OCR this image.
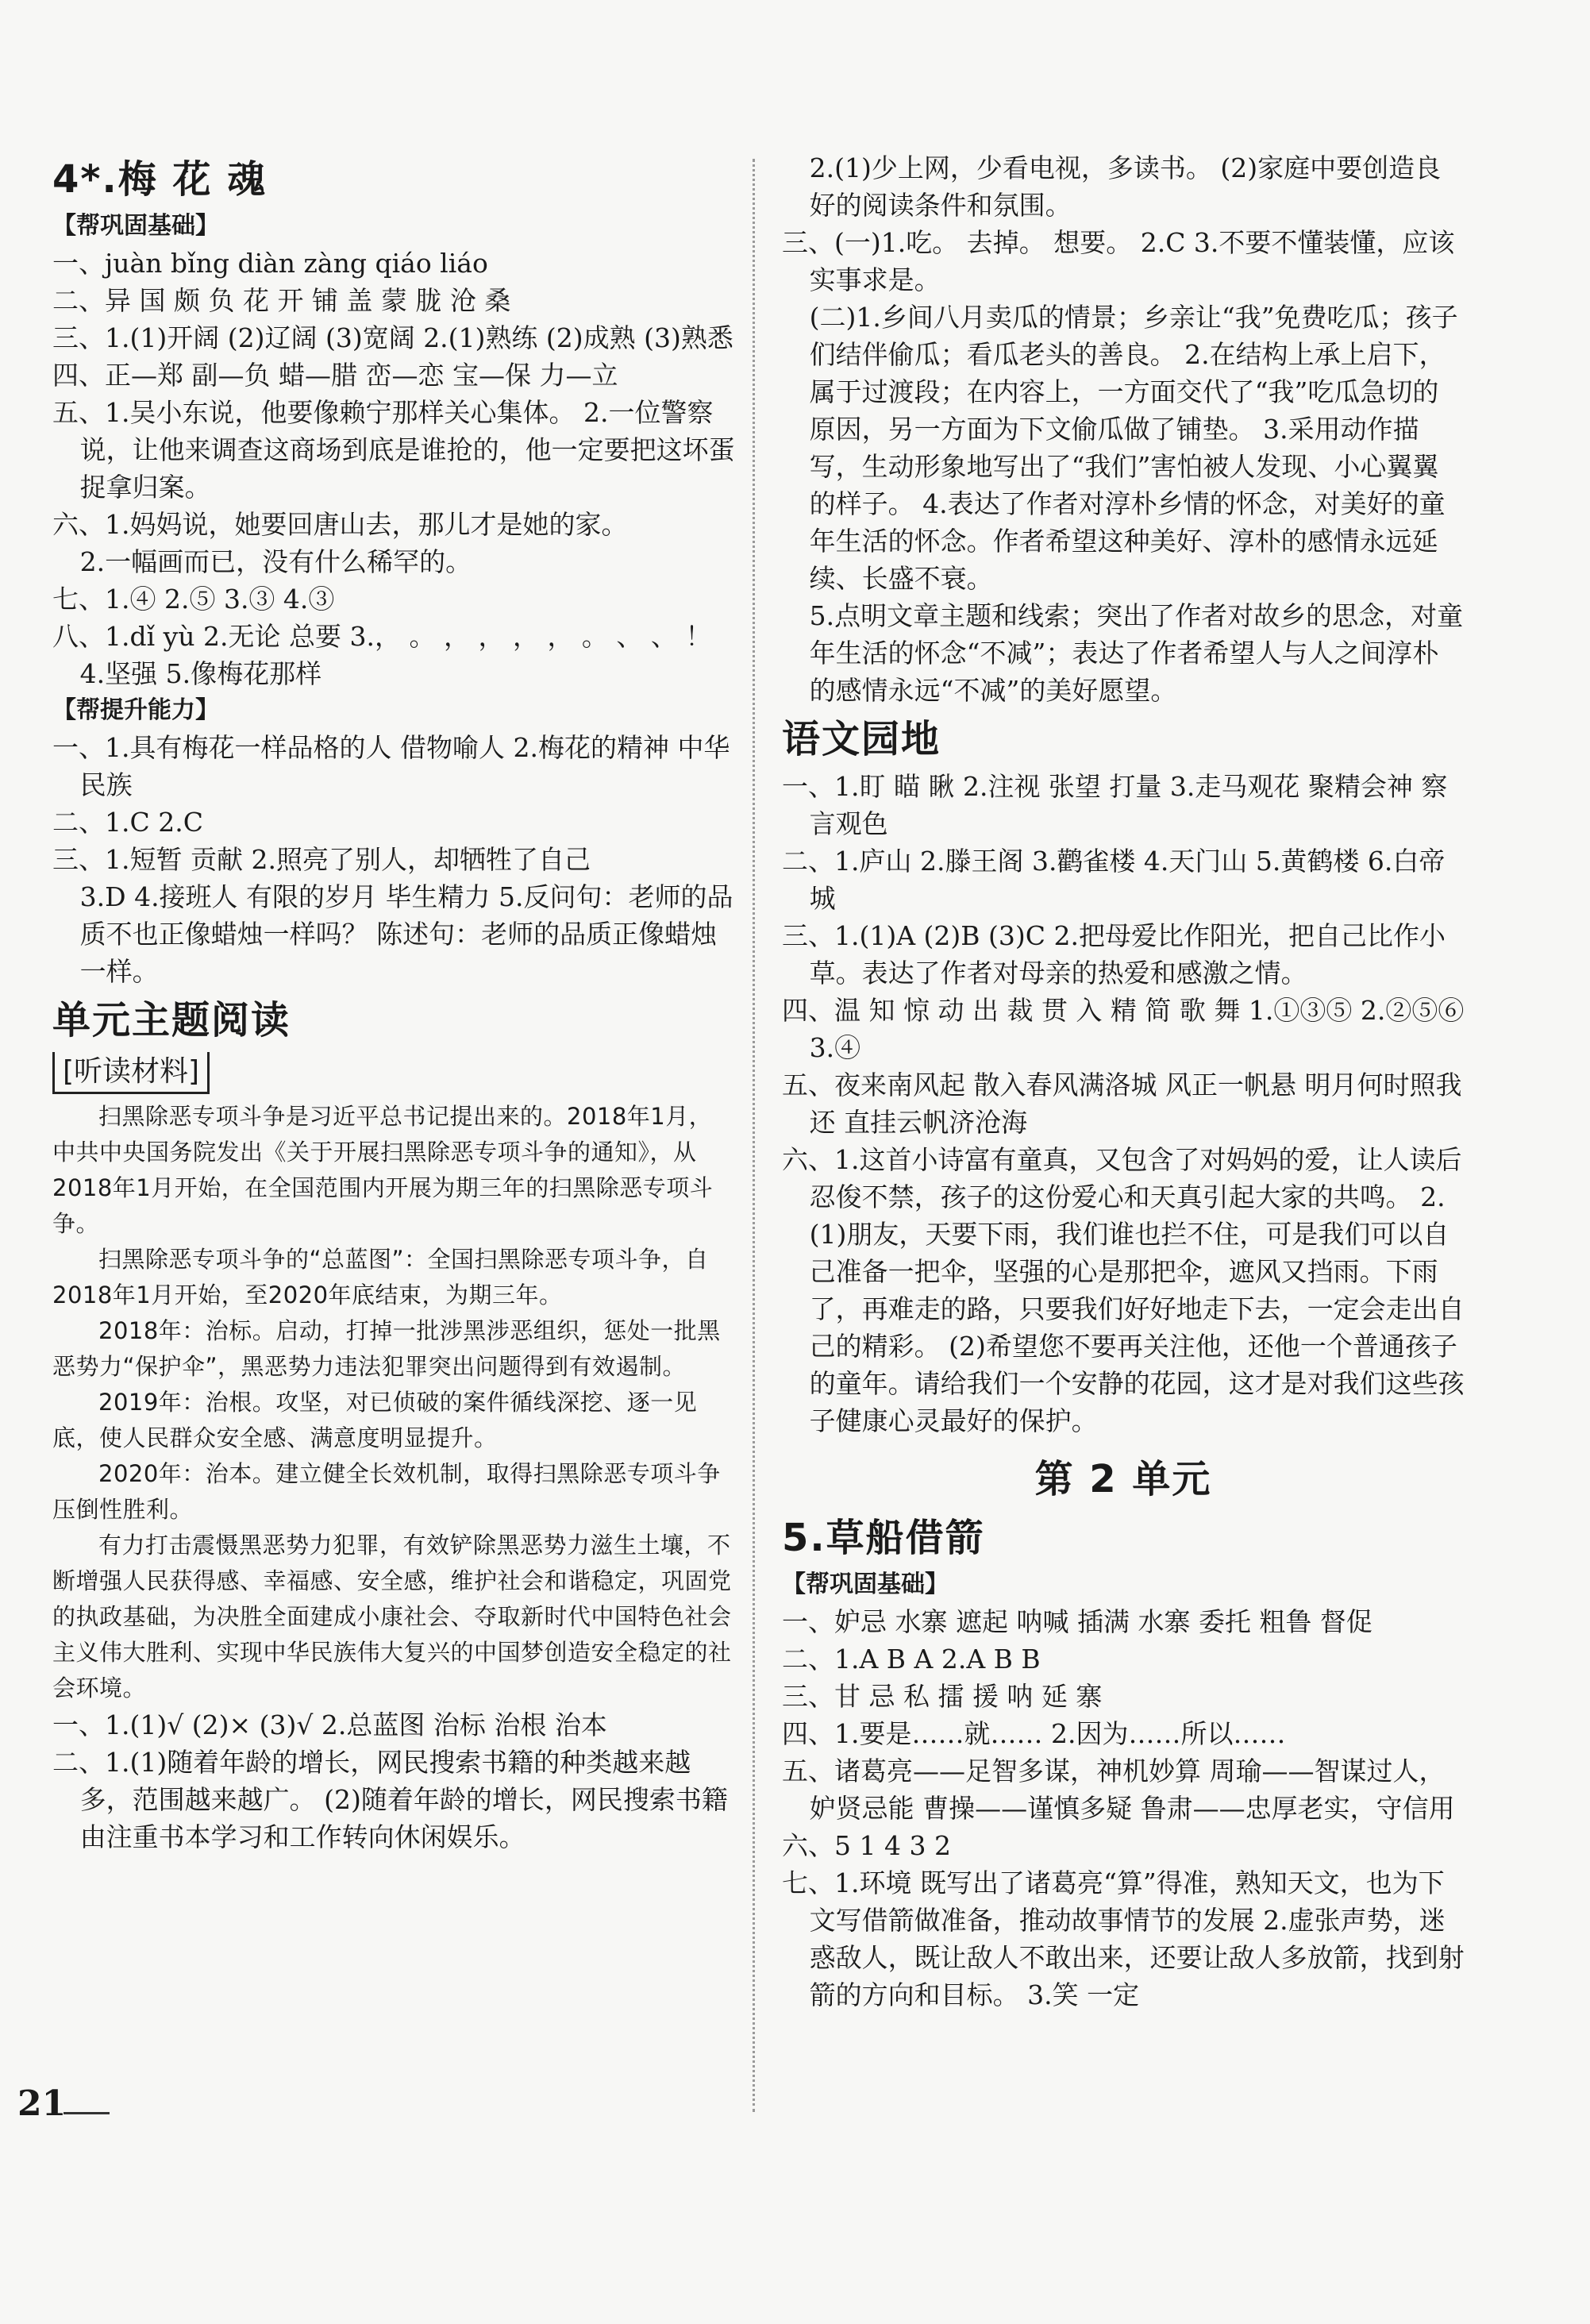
4*.梅 花 魂
【帮巩固基础】

一、juàn bǐng diàn zàng qiáo liáo

二、异 国 颇 负 花 开 铺 盖 蒙 胧 沧 桑

三、1.(1)开阔 (2)辽阔 (3)宽阔 2.(1)熟练 (2)成熟 (3)熟悉

四、正—郑 副—负 蜡—腊 峦—恋 宝—保 力—立

五、1.吴小东说，他要像赖宁那样关心集体。 2.一位警察说，让他来调查这商场到底是谁抢的，他一定要把这坏蛋捉拿归案。

六、1.妈妈说，她要回唐山去，那儿才是她的家。

2.一幅画而已，没有什么稀罕的。

七、1.④ 2.⑤ 3.③ 4.③

八、1.dǐ yù 2.无论 总要 3.， 。 ， ， ， ， 。 、 、 ！ 4.坚强 5.像梅花那样

【帮提升能力】

一、1.具有梅花一样品格的人 借物喻人 2.梅花的精神 中华民族

二、1.C 2.C

三、1.短暂 贡献 2.照亮了别人，却牺牲了自己

3.D 4.接班人 有限的岁月 毕生精力 5.反问句：老师的品质不也正像蜡烛一样吗？ 陈述句：老师的品质正像蜡烛一样。

单元主题阅读
[听读材料]

扫黑除恶专项斗争是习近平总书记提出来的。2018年1月，中共中央国务院发出《关于开展扫黑除恶专项斗争的通知》，从2018年1月开始，在全国范围内开展为期三年的扫黑除恶专项斗争。

扫黑除恶专项斗争的“总蓝图”：全国扫黑除恶专项斗争，自2018年1月开始，至2020年底结束，为期三年。

2018年：治标。启动，打掉一批涉黑涉恶组织，惩处一批黑恶势力“保护伞”，黑恶势力违法犯罪突出问题得到有效遏制。

2019年：治根。攻坚，对已侦破的案件循线深挖、逐一见底，使人民群众安全感、满意度明显提升。

2020年：治本。建立健全长效机制，取得扫黑除恶专项斗争压倒性胜利。

有力打击震慑黑恶势力犯罪，有效铲除黑恶势力滋生土壤，不断增强人民获得感、幸福感、安全感，维护社会和谐稳定，巩固党的执政基础，为决胜全面建成小康社会、夺取新时代中国特色社会主义伟大胜利、实现中华民族伟大复兴的中国梦创造安全稳定的社会环境。

一、1.(1)√ (2)× (3)√ 2.总蓝图 治标 治根 治本

二、1.(1)随着年龄的增长，网民搜索书籍的种类越来越多，范围越来越广。 (2)随着年龄的增长，网民搜索书籍由注重书本学习和工作转向休闲娱乐。

2.(1)少上网，少看电视，多读书。 (2)家庭中要创造良好的阅读条件和氛围。

三、(一)1.吃。 去掉。 想要。 2.C 3.不要不懂装懂，应该实事求是。

(二)1.乡间八月卖瓜的情景；乡亲让“我”免费吃瓜；孩子们结伴偷瓜；看瓜老头的善良。 2.在结构上承上启下，属于过渡段；在内容上，一方面交代了“我”吃瓜急切的原因，另一方面为下文偷瓜做了铺垫。 3.采用动作描写，生动形象地写出了“我们”害怕被人发现、小心翼翼的样子。 4.表达了作者对淳朴乡情的怀念，对美好的童年生活的怀念。作者希望这种美好、淳朴的感情永远延续、长盛不衰。

5.点明文章主题和线索；突出了作者对故乡的思念，对童年生活的怀念“不减”；表达了作者希望人与人之间淳朴的感情永远“不减”的美好愿望。

语文园地

一、1.盯 瞄 瞅 2.注视 张望 打量 3.走马观花 聚精会神 察言观色

二、1.庐山 2.滕王阁 3.鹳雀楼 4.天门山 5.黄鹤楼 6.白帝城

三、1.(1)A (2)B (3)C 2.把母爱比作阳光，把自己比作小草。表达了作者对母亲的热爱和感激之情。

四、温 知 惊 动 出 裁 贯 入 精 简 歌 舞 1.①③⑤ 2.②⑤⑥ 3.④

五、夜来南风起 散入春风满洛城 风正一帆悬 明月何时照我还 直挂云帆济沧海

六、1.这首小诗富有童真，又包含了对妈妈的爱，让人读后忍俊不禁，孩子的这份爱心和天真引起大家的共鸣。 2.(1)朋友，天要下雨，我们谁也拦不住，可是我们可以自己准备一把伞，坚强的心是那把伞，遮风又挡雨。下雨了，再难走的路，只要我们好好地走下去，一定会走出自己的精彩。 (2)希望您不要再关注他，还他一个普通孩子的童年。请给我们一个安静的花园，这才是对我们这些孩子健康心灵最好的保护。

第 2 单元
5.草船借箭
【帮巩固基础】

一、妒忌 水寨 遮起 呐喊 插满 水寨 委托 粗鲁 督促

二、1.A B A 2.A B B

三、甘 忌 私 擂 援 呐 延 寨

四、1.要是……就…… 2.因为……所以……

五、诸葛亮——足智多谋，神机妙算 周瑜——智谋过人，妒贤忌能 曹操——谨慎多疑 鲁肃——忠厚老实，守信用

六、5 1 4 3 2

七、1.环境 既写出了诸葛亮“算”得准，熟知天文，也为下文写借箭做准备，推动故事情节的发展 2.虚张声势，迷惑敌人，既让敌人不敢出来，还要让敌人多放箭，找到射箭的方向和目标。 3.笑 一定

21
